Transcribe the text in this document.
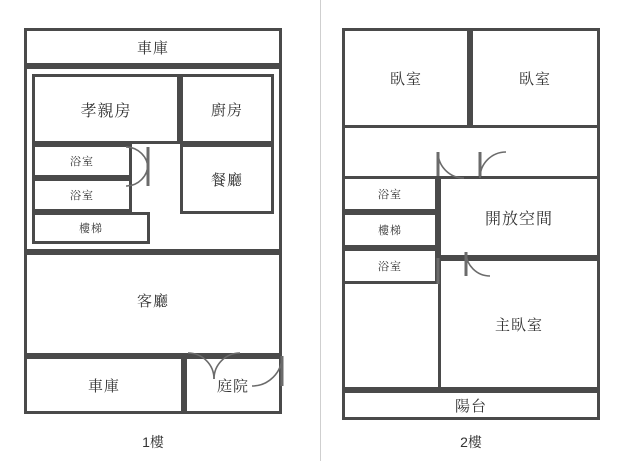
車庫
孝親房	廚房
餐廳
浴室
浴室
樓梯
客廳
車庫	庭院
1樓
臥室	臥室
浴室
樓梯
浴室
開放空間
主臥室
陽台
2樓
